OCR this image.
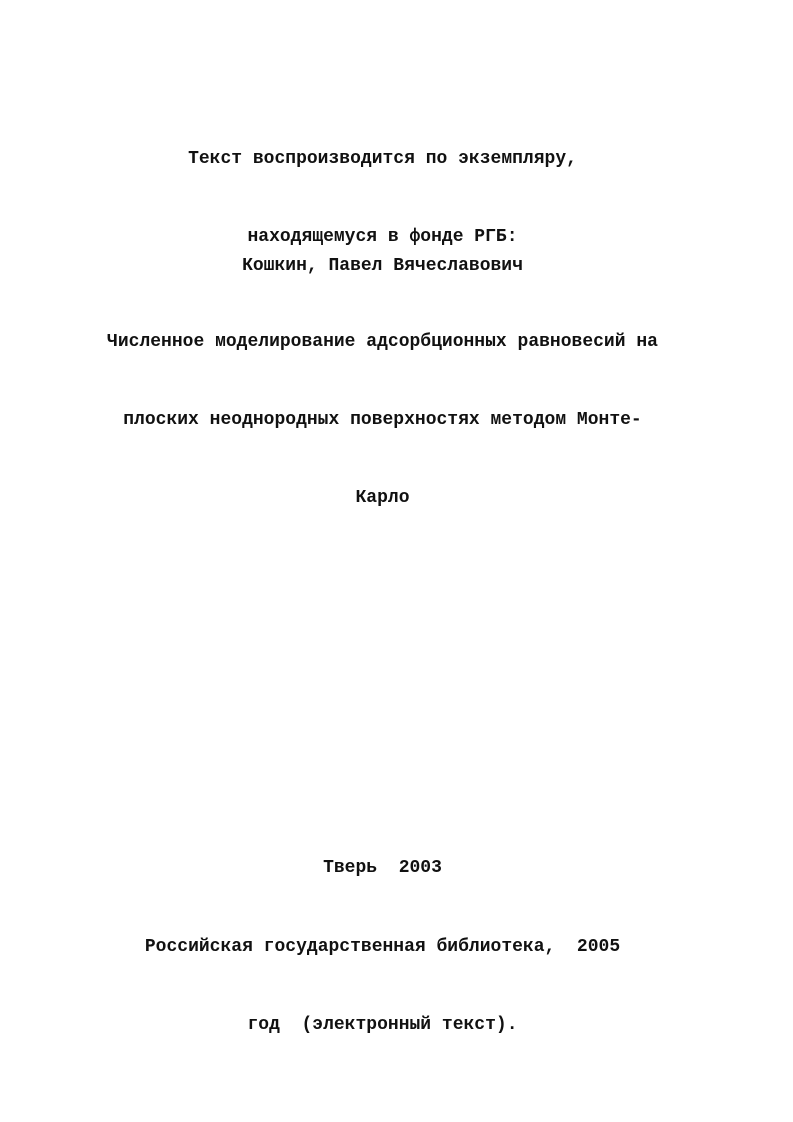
Текст воспроизводится по экземпляру,

находящемуся в фонде РГБ:

Кошкин, Павел Вячеславович

Численное моделирование адсорбционных равновесий на

плоских неоднородных поверхностях методом Монте-

Карло

Тверь  2003

Российская государственная библиотека,  2005

год  (электронный текст).
